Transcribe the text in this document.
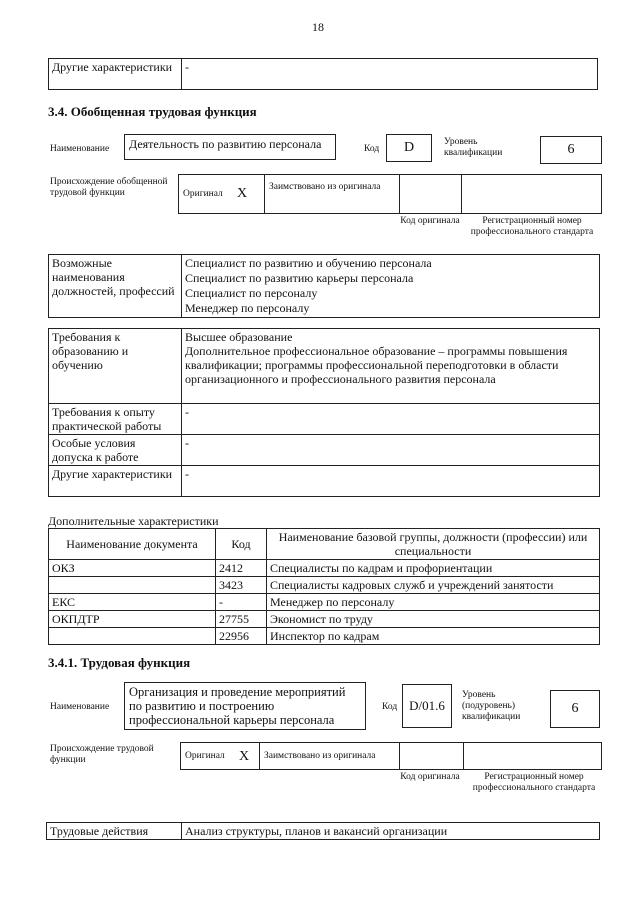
18
Другие характеристики	-
3.4. Обобщенная трудовая функция
Наименование	Деятельность по развитию персонала	Код	D	Уровень квалификации	6
Происхождение обобщенной трудовой функции	Оригинал X Заимствовано из оригинала
Код оригинала	Регистрационный номер профессионального стандарта
Возможные наименования должностей, профессий	
Специалист по развитию и обучению персонала
Специалист по развитию карьеры персонала
Специалист по персоналу
Менеджер по персоналу
Требования к образованию и обучению	Высшее образование
Дополнительное профессиональное образование – программы повышения квалификации; программы профессиональной переподготовки в области организационного и профессионального развития персонала
Требования к опыту практической работы	-
Особые условия допуска к работе	-
Другие характеристики	-
Дополнительные характеристики
Наименование документа	Код	Наименование базовой группы, должности (профессии) или специальности
ОКЗ	2412	Специалисты по кадрам и профориентации
	3423	Специалисты кадровых служб и учреждений занятости
ЕКС	-	Менеджер по персоналу
ОКПДТР	27755	Экономист по труду
	22956	Инспектор по кадрам
3.4.1. Трудовая функция
Наименование
Организация и проведение мероприятий по развитию и построению профессиональной карьеры персонала
Код D/01.6
Уровень (подуровень) квалификации
6
Происхождение трудовой функции	Оригинал X Заимствовано из оригинала
Код оригинала	Регистрационный номер профессионального стандарта
Трудовые действия	Анализ структуры, планов и вакансий организации
